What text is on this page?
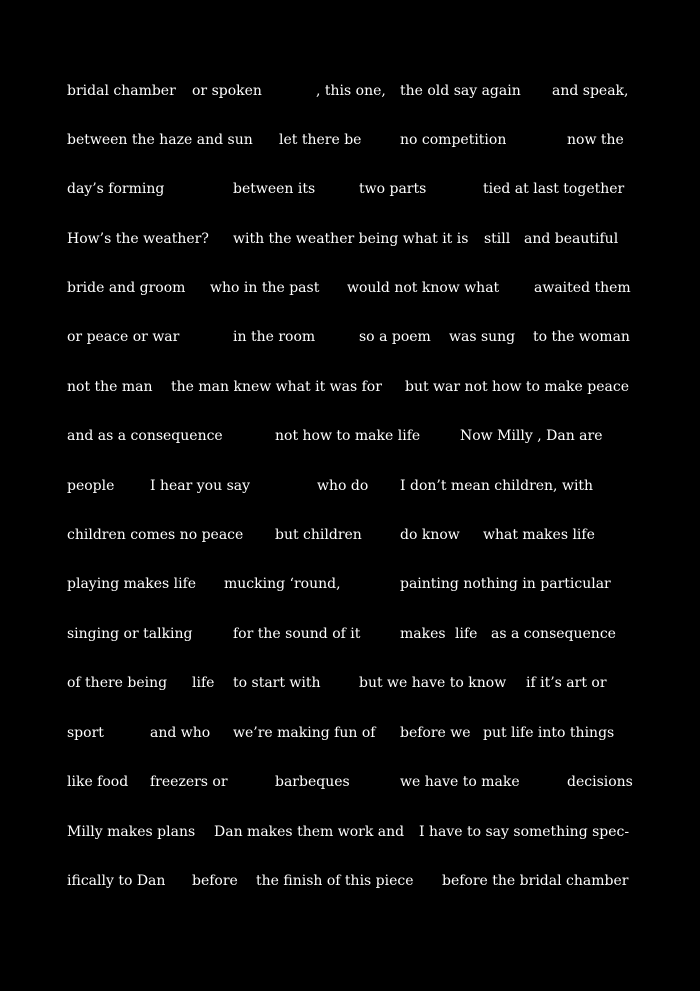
bridal chamber or spoken	, this one, the old say again and speak,
between the haze and sun let there be	no competition	now the
day’s forming	between its	two parts	tied at last together
How’s the weather? with the weather being what it is still and beautiful
bride and groom who in the past would not know what awaited them
or peace or war	in the room	so a poem was sung to the woman
not the man the man knew what it was for but war not how to make peace
and as a consequence	not how to make life	Now Milly , Dan are
people	I hear you say	who do I don’t mean children, with
children comes no peace but children	do know what makes life
playing makes life mucking ‘round,	painting nothing in particular
singing or talking	for the sound of it	makes life as a consequence
of there being life to start with	but we have to know if it’s art or
sport	and who we’re making fun of before we put life into things
like food freezers or	barbeques	we have to make	decisions
Milly makes plans Dan makes them work and I have to say something spec-
ifically to Dan before the finish of this piece before the bridal chamber
